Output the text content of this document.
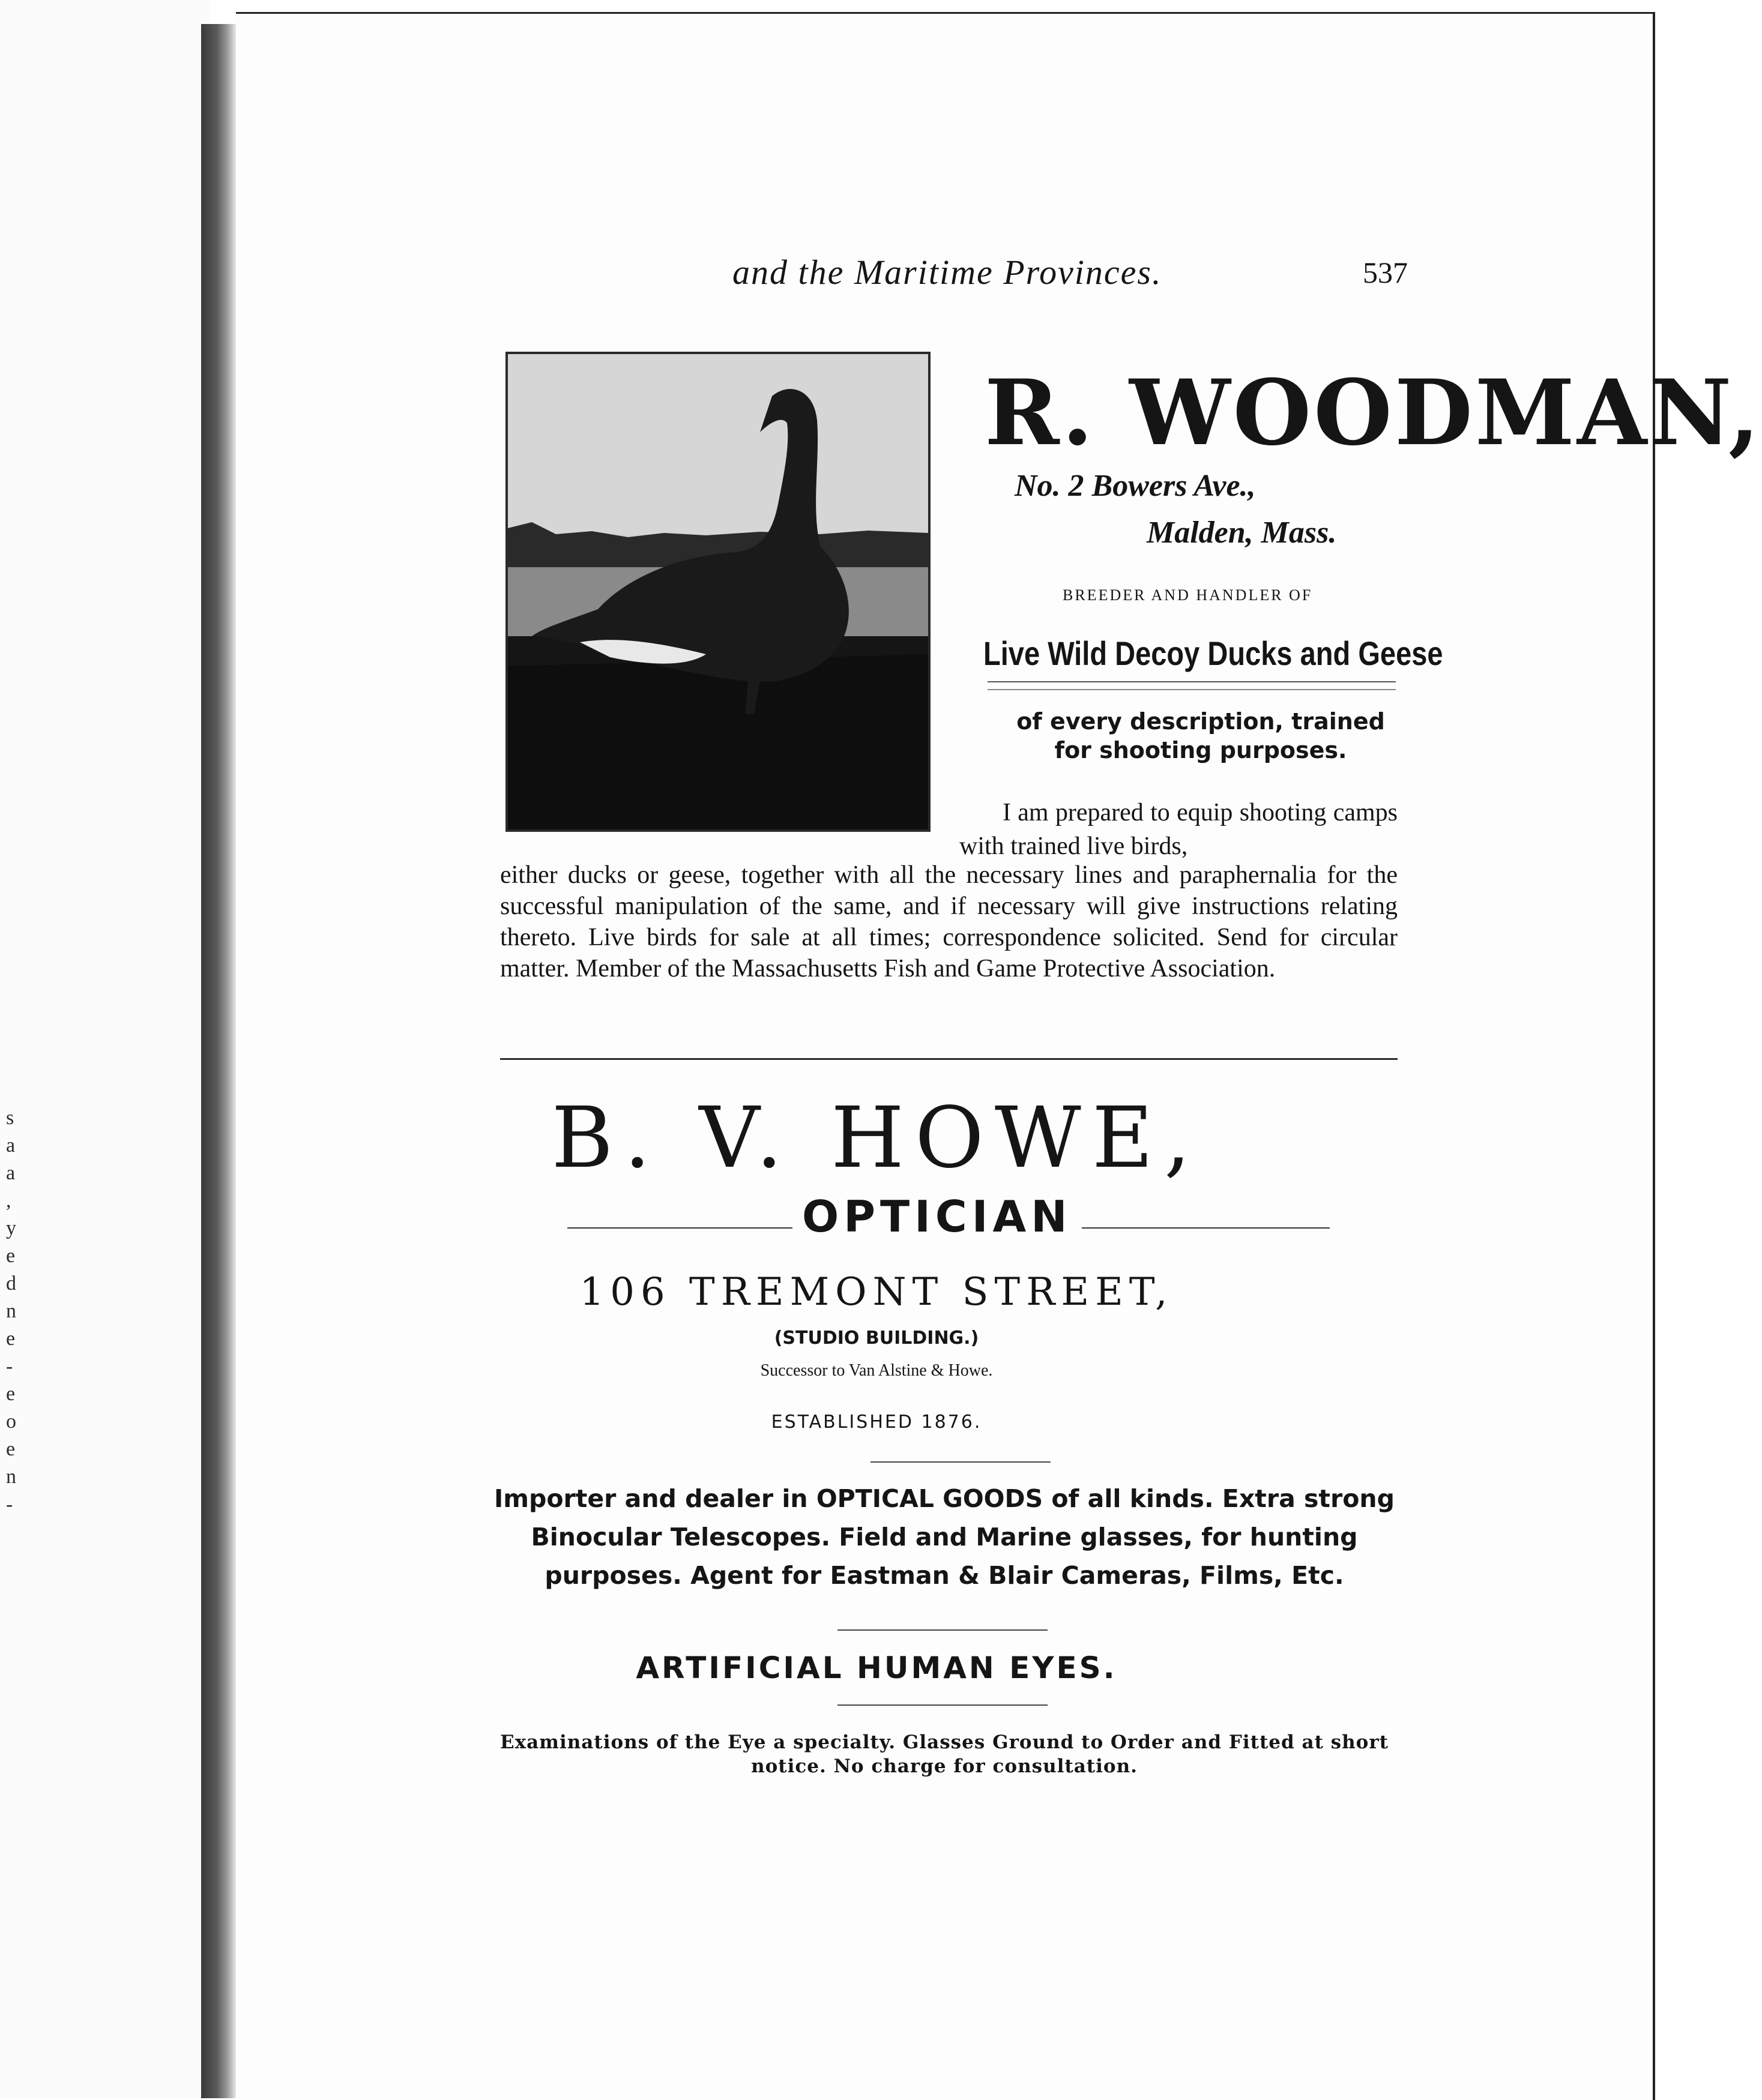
s
a
a
,
y
e
d
n
e
-
e
o
e
n
-
and the Maritime Provinces.	537
R. WOODMAN,
No. 2 Bowers Ave.,
Malden, Mass.
BREEDER AND HANDLER OF
Live Wild Decoy Ducks and Geese
of every description, trained
for shooting purposes.
I am prepared to equip shooting camps with trained live birds,
either ducks or geese, together with all the necessary lines and paraphernalia for the successful manipulation of the same, and if necessary will give instructions relating thereto. Live birds for sale at all times; correspondence solicited. Send for circular matter. Member of the Massachusetts Fish and Game Protective Association.
B. V. HOWE,
OPTICIAN
106 TREMONT STREET,
(STUDIO BUILDING.)
Successor to Van Alstine & Howe.
ESTABLISHED 1876.
Importer and dealer in OPTICAL GOODS of all kinds. Extra strong Binocular Telescopes. Field and Marine glasses, for hunting purposes. Agent for Eastman & Blair Cameras, Films, Etc.
ARTIFICIAL HUMAN EYES.
Examinations of the Eye a specialty. Glasses Ground to Order and Fitted at short notice. No charge for consultation.
